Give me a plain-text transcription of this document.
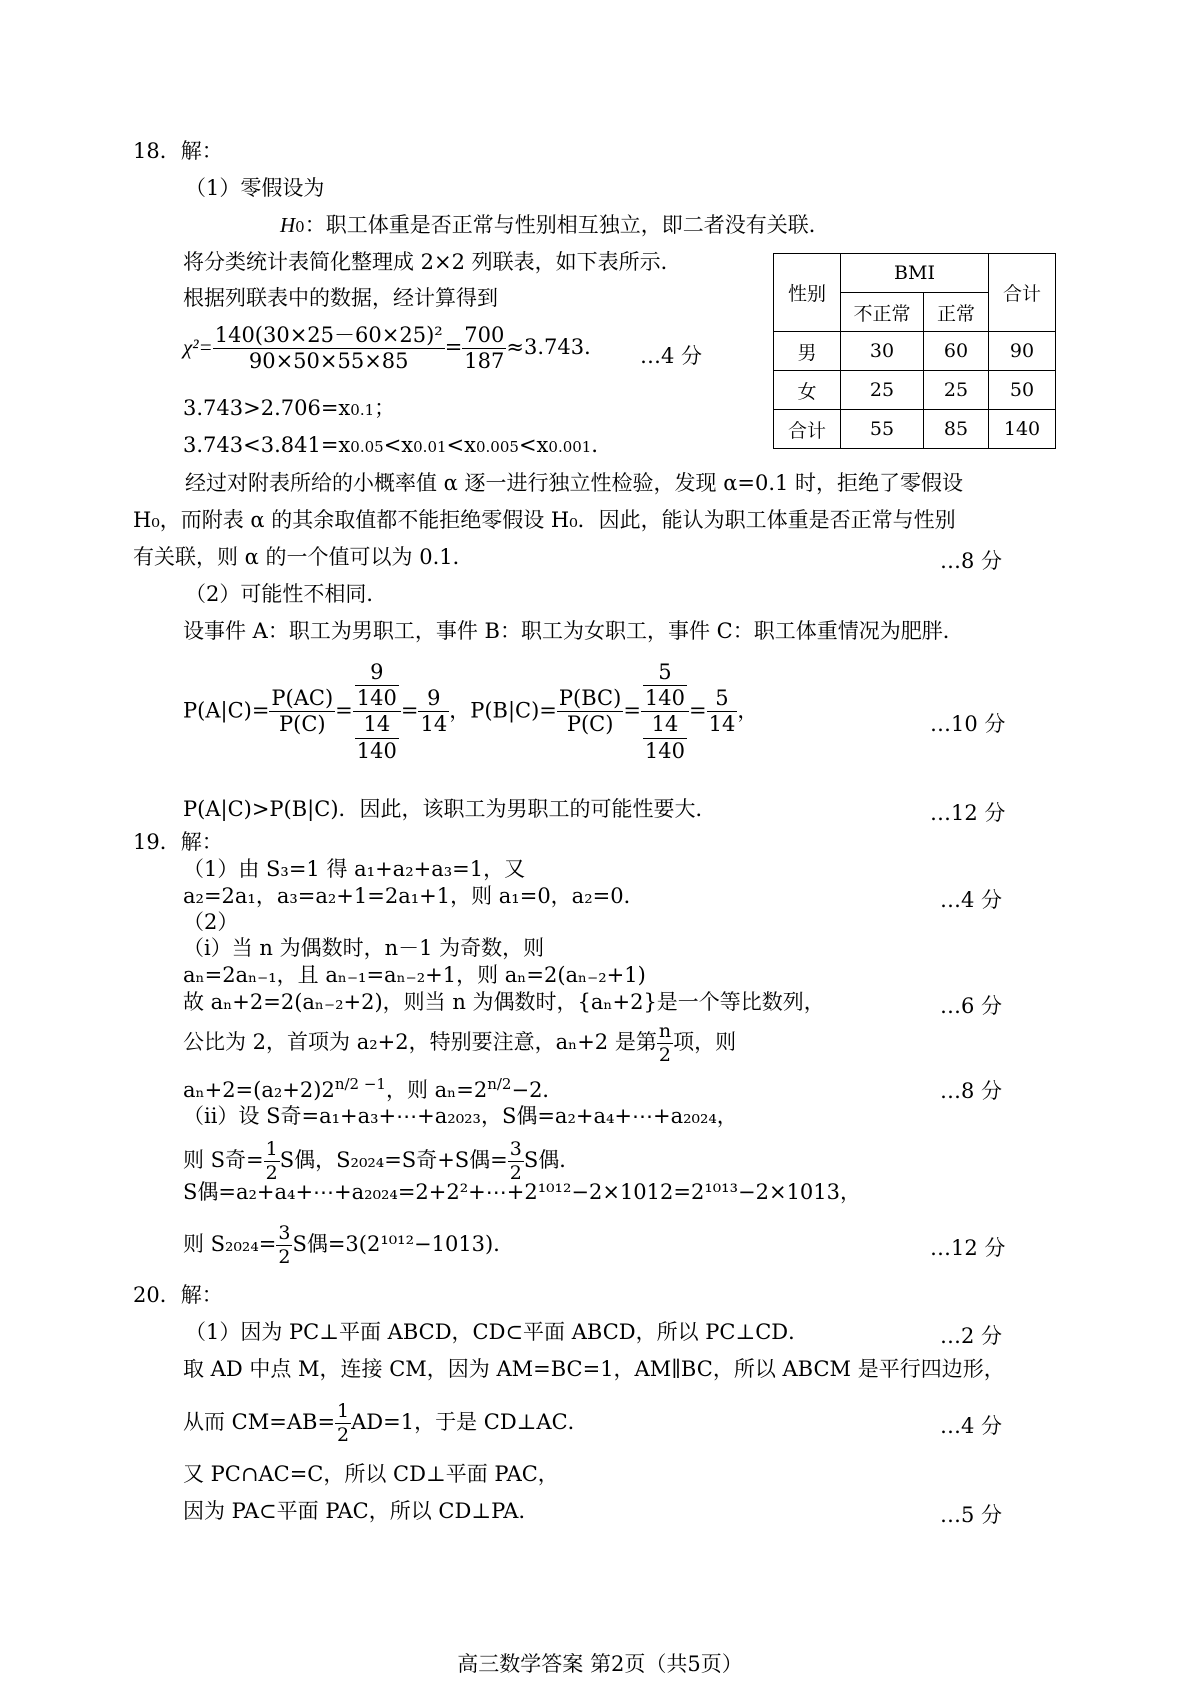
18．解：
（1）零假设为
H0：职工体重是否正常与性别相互独立，即二者没有关联．
将分类统计表简化整理成 2×2 列联表，如下表所示．
根据列联表中的数据，经计算得到
$\chi^2= \frac{\text{140(30×25－60×25)²}}{90\times 50\times 55\times 85} = \frac{700}{187} \approx 3.743$． …4 分
3.743>2.706=x0.1；
3.743<3.841=x0.05<x0.01<x0.005<x0.001．
经过对附表所给的小概率值 α 逐一进行独立性检验，发现 α=0.1 时，拒绝了零假设
H₀，而附表 α 的其余取值都不能拒绝零假设 H₀．因此，能认为职工体重是否正常与性别
有关联，则 α 的一个值可以为 0.1．	…8 分
（2）可能性不相同．
设事件 A：职工为男职工，事件 B：职工为女职工，事件 C：职工体重情况为肥胖．
$P(A|C)= \frac{P(AC)}{P(C)} = \frac{\frac{9}{140}}{\frac{14}{140}} = \frac{9}{14}$ ，$P(B|C)= \frac{P(BC)}{P(C)} = \frac{\frac{5}{140}}{\frac{14}{140}} = \frac{5}{14}$ ，
…10 分
P(A|C)>P(B|C)．因此，该职工为男职工的可能性要大．	…12 分
性别	BMI		合计
	不正常	正常	
男	30	60	90
女	25	25	50
合计	55	85	140
19．解：
（1）由 S₃=1 得 a₁+a₂+a₃=1，又
a₂=2a₁，a₃=a₂+1=2a₁+1，则 a₁=0，a₂=0．	…4 分
（2）
（i）当 n 为偶数时，n－1 为奇数，则
aₙ=2aₙ₋₁，且 aₙ₋₁=aₙ₋₂+1，则 aₙ=2(aₙ₋₂+1)
故 aₙ+2=2(aₙ₋₂+2)，则当 n 为偶数时，{aₙ+2}是一个等比数列，	…6 分
公比为 2，首项为 a₂+2，特别要注意，aₙ+2 是第 $\frac{n}{2}$ 项，则
$a_n+2=(a_2+2)2^{n/2 -1}$，则 $a_n=2^{n/2}-2$．	…8 分
（ii）设 S奇=a₁+a₃+⋯+a₂₀₂₃，S偶=a₂+a₄+⋯+a₂₀₂₄，
则 S奇= $\frac{1}{2}$ S偶，S₂₀₂₄=S奇+S偶= $\frac{3}{2}$ S偶．
S偶=a₂+a₄+⋯+a₂₀₂₄=2+2²+⋯+2¹⁰¹²−2×1012=2¹⁰¹³−2×1013，
则 $S_{2024}= \frac{3}{2}$ S偶=3(2¹⁰¹²−1013)．	…12 分
20．解：
（1）因为 PC⊥平面 ABCD，CD⊂平面 ABCD，所以 PC⊥CD．	…2 分
取 AD 中点 M，连接 CM，因为 AM=BC=1，AM∥BC，所以 ABCM 是平行四边形，
从而 $CM=AB= \frac{1}{2} AD=1$，于是 CD⊥AC．	…4 分
又 PC∩AC=C，所以 CD⊥平面 PAC，
因为 PA⊂平面 PAC，所以 CD⊥PA．	…5 分
高三数学答案 第2页（共5页）
